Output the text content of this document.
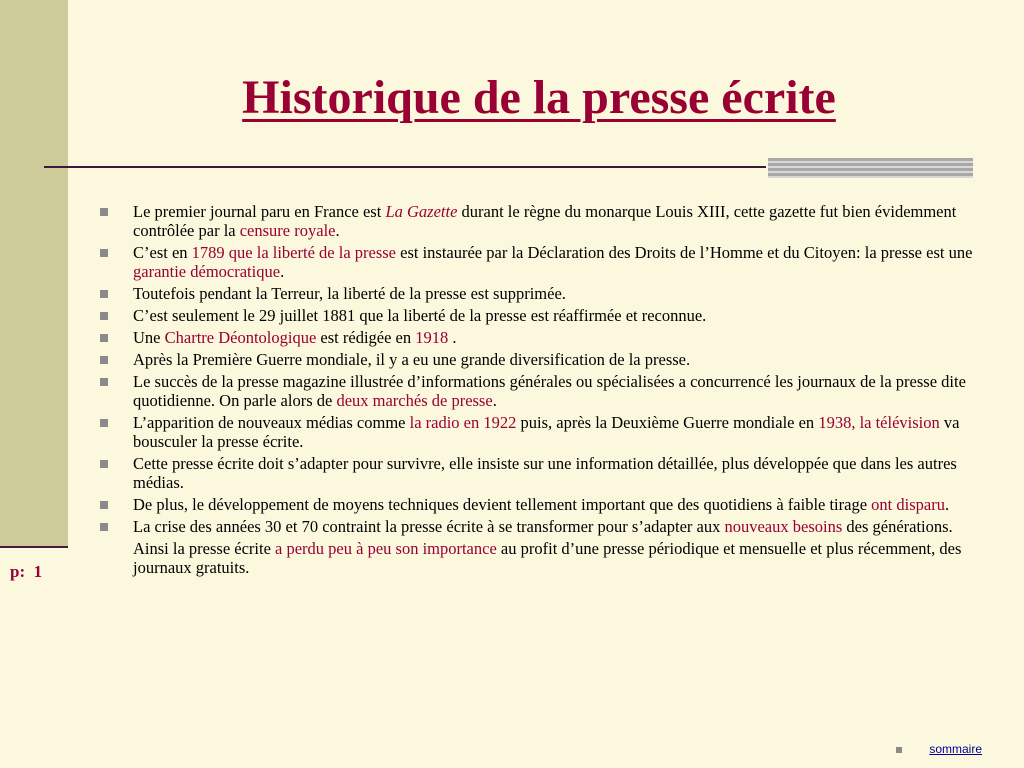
p:  1
Historique de la presse écrite
Le premier journal paru en France est La Gazette durant le règne du monarque Louis XIII, cette gazette fut bien évidemment contrôlée par la censure royale.
C’est en 1789 que la liberté de la presse est instaurée par la Déclaration des Droits de l’Homme et du Citoyen: la presse est une garantie démocratique.
Toutefois pendant la Terreur, la liberté de la presse est supprimée.
C’est seulement le 29 juillet 1881 que la liberté de la presse est réaffirmée et reconnue.
Une Chartre Déontologique est rédigée en 1918 .
Après la Première Guerre mondiale, il y a eu une grande diversification de la presse.
Le succès de la presse magazine illustrée d’informations générales ou spécialisées a concurrencé les journaux de la presse dite quotidienne. On parle alors de deux marchés de presse.
L’apparition de nouveaux médias comme la radio en 1922 puis, après la Deuxième Guerre mondiale en 1938, la télévision va bousculer la presse écrite.
Cette presse écrite doit s’adapter pour survivre, elle insiste sur une information détaillée, plus développée que dans les autres médias.
De plus, le développement de moyens techniques devient tellement important que des quotidiens à faible tirage ont disparu.
La crise des années 30 et 70 contraint la presse écrite à se transformer pour s’adapter aux nouveaux besoins des générations.
Ainsi la presse écrite a perdu peu à peu son importance au profit d’une presse périodique et mensuelle et plus récemment, des journaux gratuits.
sommaire
